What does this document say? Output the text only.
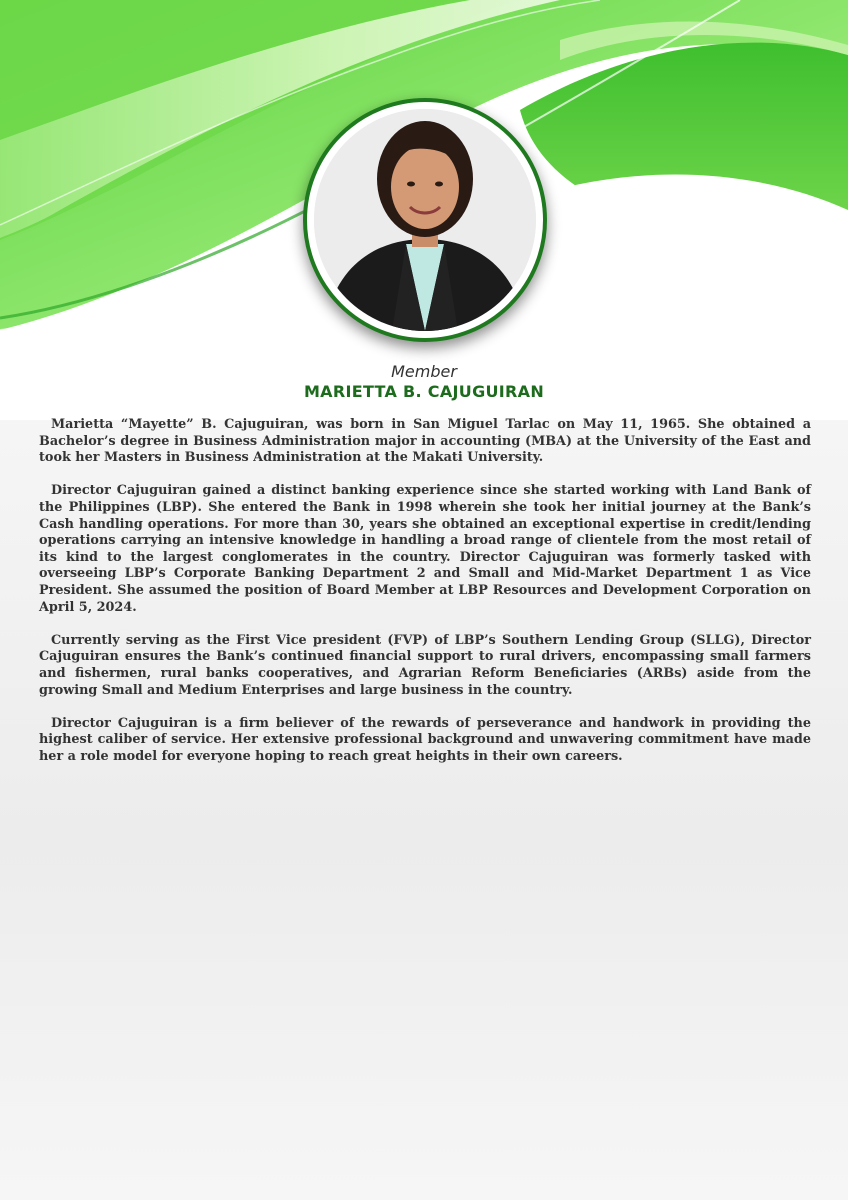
Member
MARIETTA B. CAJUGUIRAN

Marietta “Mayette” B. Cajuguiran, was born in San Miguel Tarlac on May 11, 1965. She obtained a Bachelor’s degree in Business Administration major in accounting (MBA) at the University of the East and took her Masters in Business Administration at the Makati University.

Director Cajuguiran gained a distinct banking experience since she started working with Land Bank of the Philippines (LBP). She entered the Bank in 1998 wherein she took her initial journey at the Bank’s Cash handling operations. For more than 30, years she obtained an exceptional expertise in credit/lending operations carrying an intensive knowledge in handling a broad range of clientele from the most retail of its kind to the largest conglomerates in the country. Director Cajuguiran was formerly tasked with overseeing LBP’s Corporate Banking Department 2 and Small and Mid-Market Department 1 as Vice President. She assumed the position of Board Member at LBP Resources and Development Corporation on April 5, 2024.

Currently serving as the First Vice president (FVP) of LBP’s Southern Lending Group (SLLG), Director Cajuguiran ensures the Bank’s continued financial support to rural drivers, encompassing small farmers and fishermen, rural banks cooperatives, and Agrarian Reform Beneficiaries (ARBs) aside from the growing Small and Medium Enterprises and large business in the country.

Director Cajuguiran is a firm believer of the rewards of perseverance and handwork in providing the highest caliber of service. Her extensive professional background and unwavering commitment have made her a role model for everyone hoping to reach great heights in their own careers.
